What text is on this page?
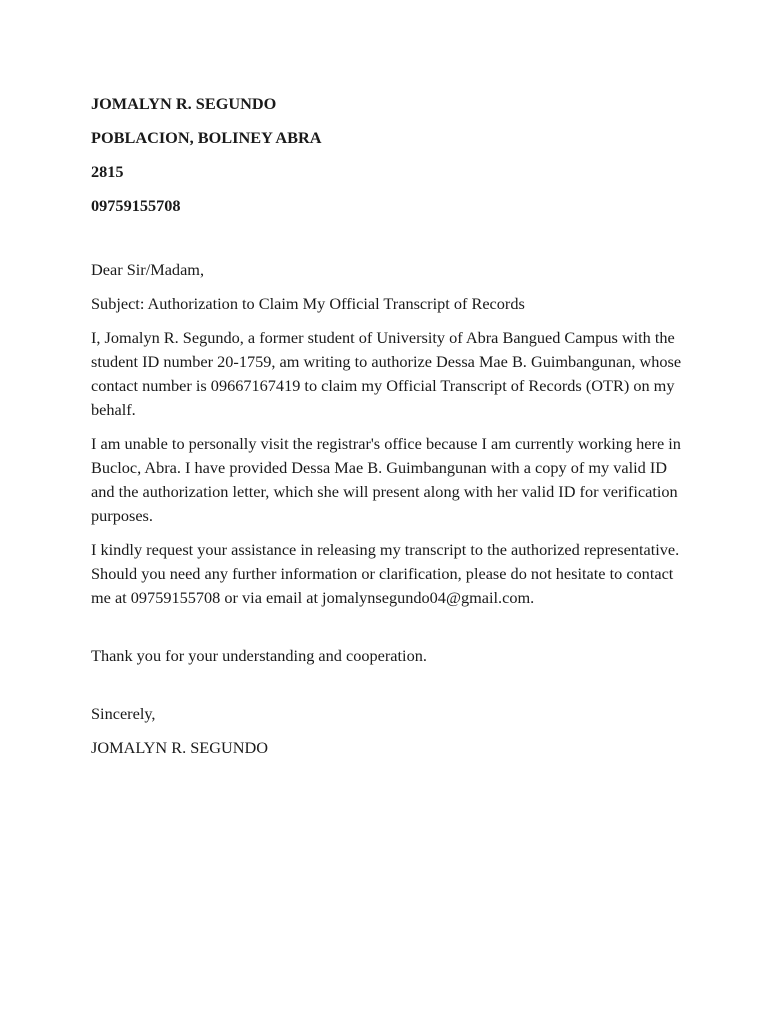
JOMALYN R. SEGUNDO

POBLACION, BOLINEY ABRA

2815

09759155708

Dear Sir/Madam,

Subject: Authorization to Claim My Official Transcript of Records

I, Jomalyn R. Segundo, a former student of University of Abra Bangued Campus with the student ID number 20-1759, am writing to authorize Dessa Mae B. Guimbangunan, whose contact number is 09667167419 to claim my Official Transcript of Records (OTR) on my behalf.

I am unable to personally visit the registrar's office because I am currently working here in Bucloc, Abra. I have provided Dessa Mae B. Guimbangunan with a copy of my valid ID and the authorization letter, which she will present along with her valid ID for verification purposes.

I kindly request your assistance in releasing my transcript to the authorized representative. Should you need any further information or clarification, please do not hesitate to contact me at 09759155708 or via email at jomalynsegundo04@gmail.com.

Thank you for your understanding and cooperation.

Sincerely,

JOMALYN R. SEGUNDO
